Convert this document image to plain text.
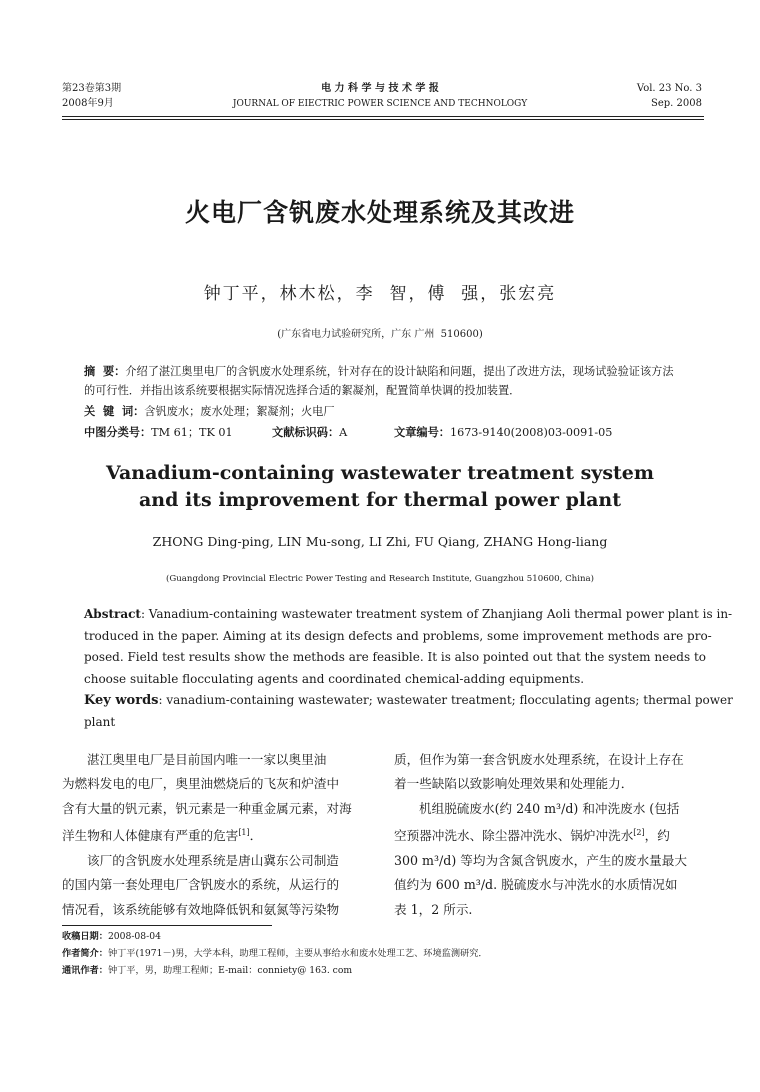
第23卷第3期
2008年9月
电 力 科 学 与 技 术 学 报
JOURNAL OF EIECTRIC POWER SCIENCE AND TECHNOLOGY
Vol. 23 No. 3
Sep. 2008
火电厂含钒废水处理系统及其改进
钟丁平，林木松，李  智，傅  强，张宏亮
(广东省电力试验研究所，广东 广州  510600)
摘  要：介绍了湛江奥里电厂的含钒废水处理系统，针对存在的设计缺陷和问题，提出了改进方法，现场试验验证该方法的可行性．并指出该系统要根据实际情况选择合适的絮凝剂，配置简单快调的投加装置．
关  键  词：含钒废水；废水处理；絮凝剂；火电厂
中图分类号：TM 61；TK 01	文献标识码：A	文章编号：1673-9140(2008)03-0091-05
Vanadium-containing wastewater treatment system
and its improvement for thermal power plant
ZHONG Ding-ping, LIN Mu-song, LI Zhi, FU Qiang, ZHANG Hong-liang
(Guangdong Provincial Electric Power Testing and Research Institute, Guangzhou 510600, China)
Abstract: Vanadium-containing wastewater treatment system of Zhanjiang Aoli thermal power plant is in-
troduced in the paper. Aiming at its design defects and problems, some improvement methods are pro-
posed. Field test results show the methods are feasible. It is also pointed out that the system needs to
choose suitable flocculating agents and coordinated chemical-adding equipments.
Key words: vanadium-containing wastewater; wastewater treatment; flocculating agents; thermal power
plant
湛江奥里电厂是目前国内唯一一家以奥里油
为燃料发电的电厂，奥里油燃烧后的飞灰和炉渣中
含有大量的钒元素，钒元素是一种重金属元素，对海
洋生物和人体健康有严重的危害[1]．
该厂的含钒废水处理系统是唐山冀东公司制造
的国内第一套处理电厂含钒废水的系统，从运行的
情况看，该系统能够有效地降低钒和氨氮等污染物
质，但作为第一套含钒废水处理系统，在设计上存在
着一些缺陷以致影响处理效果和处理能力．
机组脱硫废水(约 240 m³/d) 和冲洗废水 (包括
空预器冲洗水、除尘器冲洗水、锅炉冲洗水[2]，约
300 m³/d) 等均为含氮含钒废水，产生的废水量最大
值约为 600 m³/d. 脱硫废水与冲洗水的水质情况如
表 1，2 所示.
收稿日期：2008-08-04
作者简介：钟丁平(1971－)男，大学本科，助理工程师，主要从事给水和废水处理工艺、环境监测研究．
通讯作者：钟丁平，男，助理工程师；E-mail：conniety@ 163. com
